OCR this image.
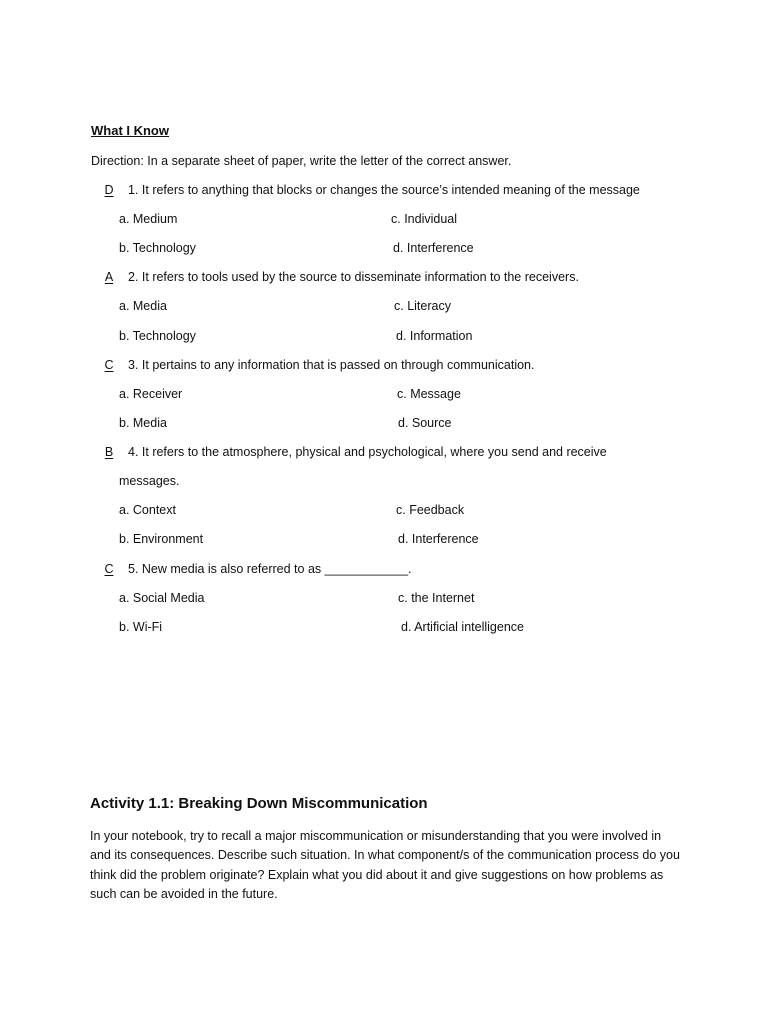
What I Know
Direction: In a separate sheet of paper, write the letter of the correct answer.
D 1. It refers to anything that blocks or changes the source’s intended meaning of the message
a. Medium	c. Individual
b. Technology	d. Interference
A 2. It refers to tools used by the source to disseminate information to the receivers.
a. Media	c. Literacy
b. Technology	d. Information
C 3. It pertains to any information that is passed on through communication.
a. Receiver	c. Message
b. Media	d. Source
B 4. It refers to the atmosphere, physical and psychological, where you send and receive
messages.
a. Context	c. Feedback
b. Environment	d. Interference
C 5. New media is also referred to as ____________.
a. Social Media	c. the Internet
b. Wi-Fi	d. Artificial intelligence
Activity 1.1: Breaking Down Miscommunication
In your notebook, try to recall a major miscommunication or misunderstanding that you were involved in and its consequences. Describe such situation. In what component/s of the communication process do you think did the problem originate? Explain what you did about it and give suggestions on how problems as such can be avoided in the future.
